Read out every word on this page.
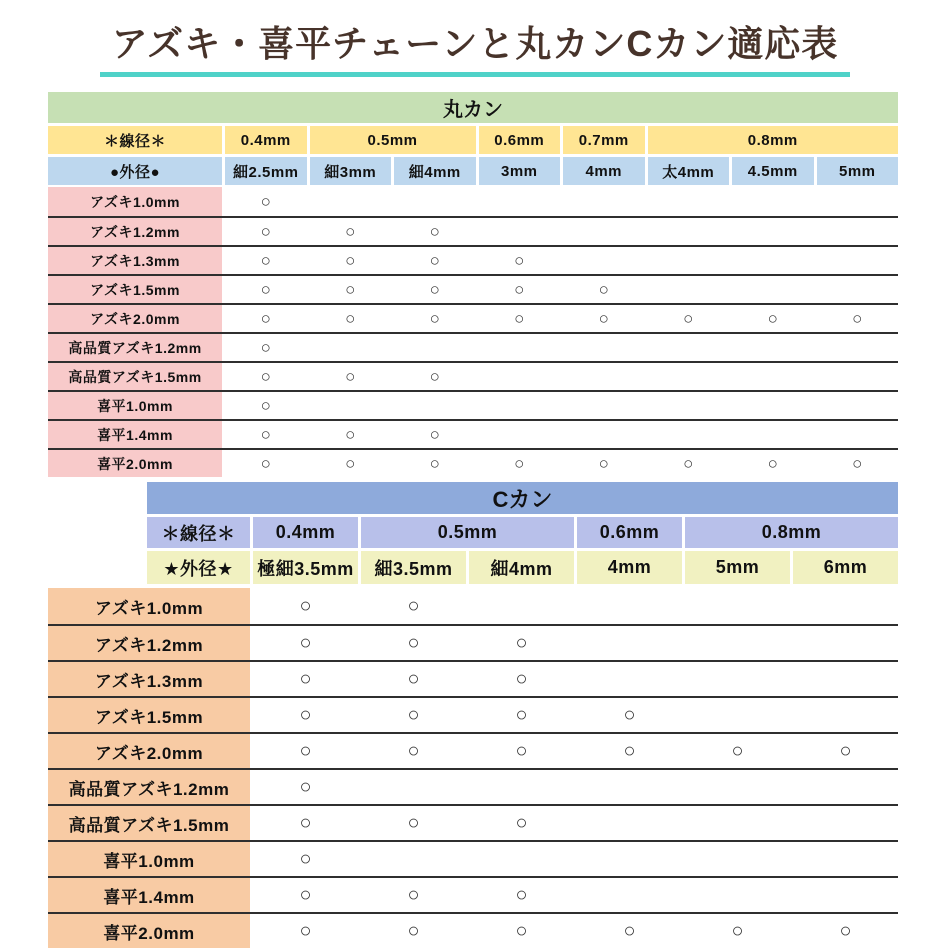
アズキ・喜平チェーンと丸カンCカン適応表
丸カン
＊線径＊	0.4mm	0.5mm	0.6mm	0.7mm	0.8mm
●外径●	細2.5mm	細3mm	細4mm	3mm	4mm	太4mm	4.5mm	5mm
アズキ1.0mm	○
アズキ1.2mm	○	○	○
アズキ1.3mm	○	○	○	○
アズキ1.5mm	○	○	○	○	○
アズキ2.0mm	○	○	○	○	○	○	○	○
高品質アズキ1.2mm	○
高品質アズキ1.5mm	○	○	○
喜平1.0mm	○
喜平1.4mm	○	○	○
喜平2.0mm	○	○	○	○	○	○	○	○
Cカン
＊線径＊	0.4mm	0.5mm	0.6mm	0.8mm
★外径★	極細3.5mm	細3.5mm	細4mm	4mm	5mm	6mm
アズキ1.0mm	○	○
アズキ1.2mm	○	○	○
アズキ1.3mm	○	○	○
アズキ1.5mm	○	○	○	○
アズキ2.0mm	○	○	○	○	○	○
高品質アズキ1.2mm	○
高品質アズキ1.5mm	○	○	○
喜平1.0mm	○
喜平1.4mm	○	○	○
喜平2.0mm	○	○	○	○	○	○
